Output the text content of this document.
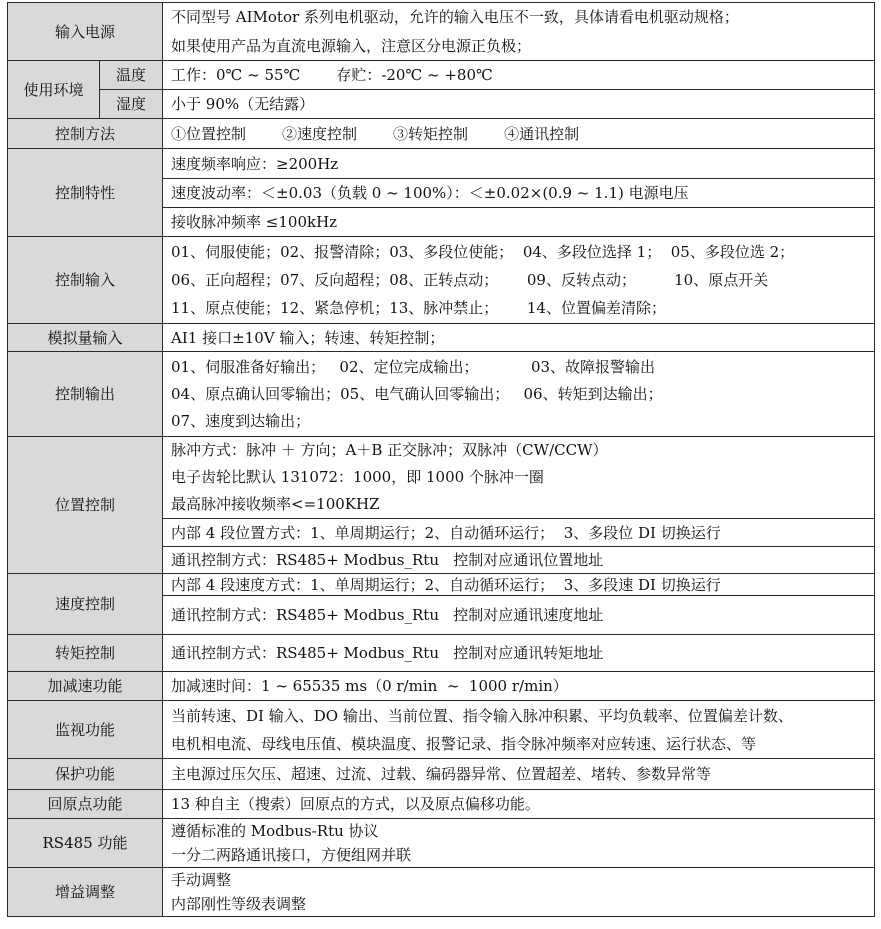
输入电源		不同型号 AIMotor 系列电机驱动，允许的输入电压不一致，具体请看电机驱动规格；
如果使用产品为直流电源输入，注意区分电源正负极；

使用环境	温度	工作：0℃ ~ 55℃ 存贮：-20℃ ~ +80℃
	湿度	小于 90%（无结露）
控制方法		①位置控制 ②速度控制 ③转矩控制 ④通讯控制
控制特性		速度频率响应：≥200Hz
		速度波动率：＜±0.03（负载 0 ~ 100%）：＜±0.02×(0.9 ~ 1.1) 电源电压
		接收脉冲频率 ≤100kHz
控制输入		01、伺服使能；02、报警清除；03、多段位使能；  04、多段位选择 1；  05、多段位选 2；
06、正向超程；07、反向超程；08、正转点动；      09、反转点动；        10、原点开关
11、原点使能；12、紧急停机；13、脉冲禁止；      14、位置偏差清除；

模拟量输入		AI1 接口±10V 输入；转速、转矩控制；
控制输出		01、伺服准备好输出；   02、定位完成输出；           03、故障报警输出
04、原点确认回零输出；05、电气确认回零输出；   06、转矩到达输出；
07、速度到达输出；

位置控制		脉冲方式：脉冲 ＋ 方向；A＋B 正交脉冲；双脉冲（CW/CCW）
电子齿轮比默认 131072：1000，即 1000 个脉冲一圈
最高脉冲接收频率<=100KHZ

		内部 4 段位置方式：1、单周期运行；2、自动循环运行；  3、多段位 DI 切换运行
		通讯控制方式：RS485+ Modbus_Rtu   控制对应通讯位置地址
速度控制		内部 4 段速度方式：1、单周期运行；2、自动循环运行；  3、多段速 DI 切换运行
		通讯控制方式：RS485+ Modbus_Rtu   控制对应通讯速度地址
转矩控制		通讯控制方式：RS485+ Modbus_Rtu   控制对应通讯转矩地址
加减速功能		加减速时间：1 ~ 65535 ms（0 r/min  ~  1000 r/min）
监视功能		当前转速、DI 输入、DO 输出、当前位置、指令输入脉冲积累、平均负载率、位置偏差计数、
电机相电流、母线电压值、模块温度、报警记录、指令脉冲频率对应转速、运行状态、等

保护功能		主电源过压欠压、超速、过流、过载、编码器异常、位置超差、堵转、参数异常等
回原点功能		13 种自主（搜索）回原点的方式，以及原点偏移功能。
RS485 功能		遵循标准的 Modbus-Rtu 协议
一分二两路通讯接口，方便组网并联

增益调整		手动调整
内部刚性等级表调整
